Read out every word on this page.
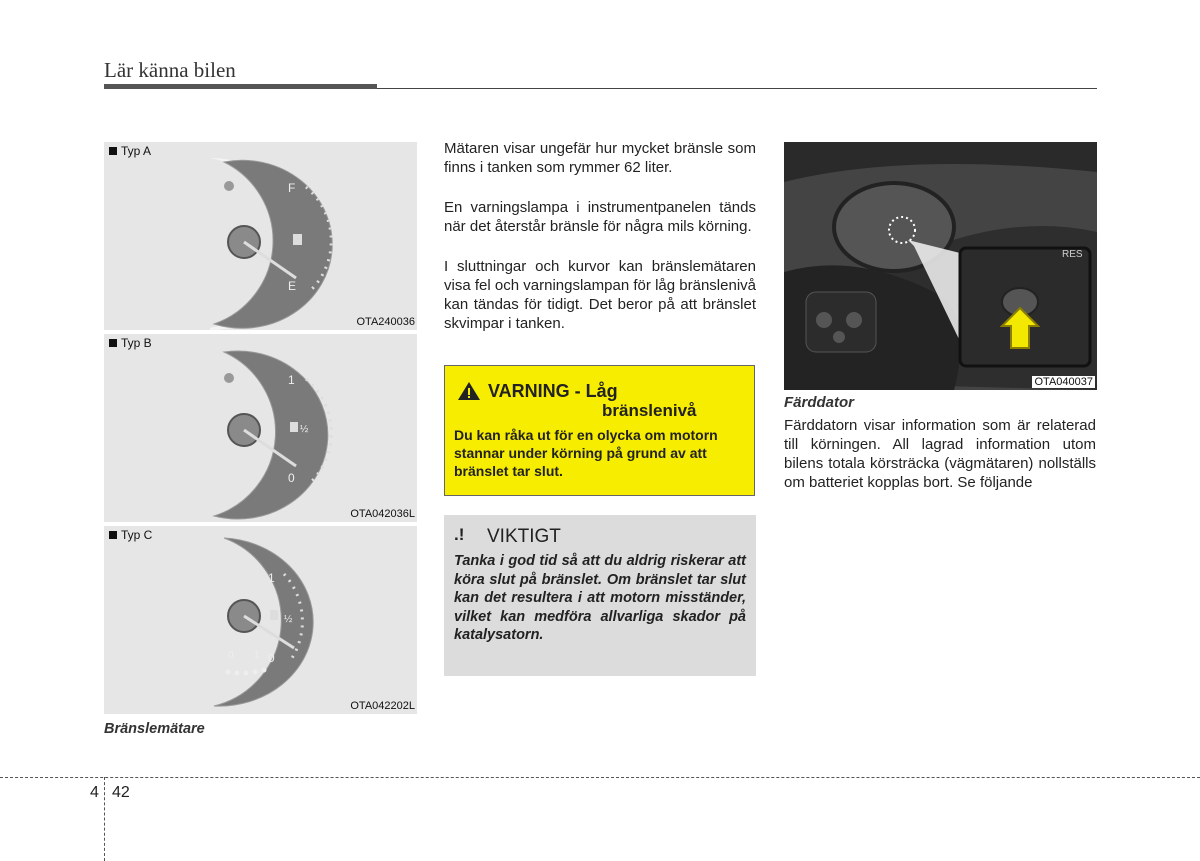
Lär känna bilen
Typ A
F
E
OTA240036
Typ B
1
½
0
OTA042036L
Typ C
1
½
0
0 1
OTA042202L
Bränslemätare
Mätaren visar ungefär hur mycket bränsle som finns i tanken som rymmer 62 liter.
En varningslampa i instrumentpanelen tänds när det återstår bränsle för några mils körning.
I sluttningar och kurvor kan bränslemätaren visa fel och varningslampan för låg bränslenivå kan tändas för tidigt. Det beror på att bränslet skvimpar i tanken.
VARNING - Låg
bränslenivå
Du kan råka ut för en olycka om motorn stannar under körning på grund av att bränslet tar slut.
.! VIKTIGT
Tanka i god tid så att du aldrig riskerar att köra slut på bränslet. Om bränslet tar slut kan det resultera i att motorn misständer, vilket kan medföra allvarliga skador på katalysatorn.
RES
OTA040037
Färddator
Färddatorn visar information som är relaterad till körningen. All lagrad information utom bilens totala körsträcka (vägmätaren) nollställs om batteriet kopplas bort. Se följande
4 42
